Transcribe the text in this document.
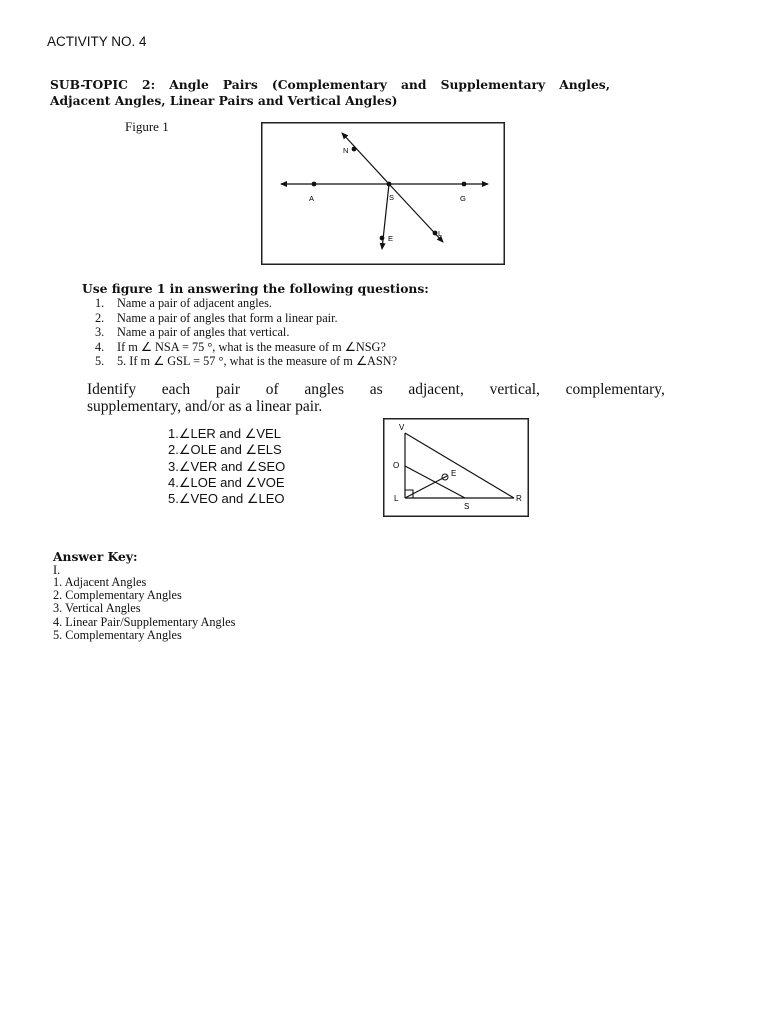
ACTIVITY NO. 4
SUB-TOPIC 2: Angle Pairs (Complementary and Supplementary Angles,
Adjacent Angles, Linear Pairs and Vertical Angles)
Figure 1
N
A	S	G
E
L
Use figure 1 in answering the following questions:
1.	Name a pair of adjacent angles.
2.	Name a pair of angles that form a linear pair.
3.	Name a pair of angles that vertical.
4.	If m ∠ NSA = 75 °, what is the measure of m ∠NSG?
5.	5. If m ∠ GSL = 57 °, what is the measure of m ∠ASN?
Identify each pair of angles as adjacent, vertical, complementary,
supplementary, and/or as a linear pair.
1.∠LER and ∠VEL
2.∠OLE and ∠ELS
3.∠VER and ∠SEO
4.∠LOE and ∠VOE
5.∠VEO and ∠LEO
V
O
E
L
S
R
Answer Key:
I.
1. Adjacent Angles
2. Complementary Angles
3. Vertical Angles
4. Linear Pair/Supplementary Angles
5. Complementary Angles
